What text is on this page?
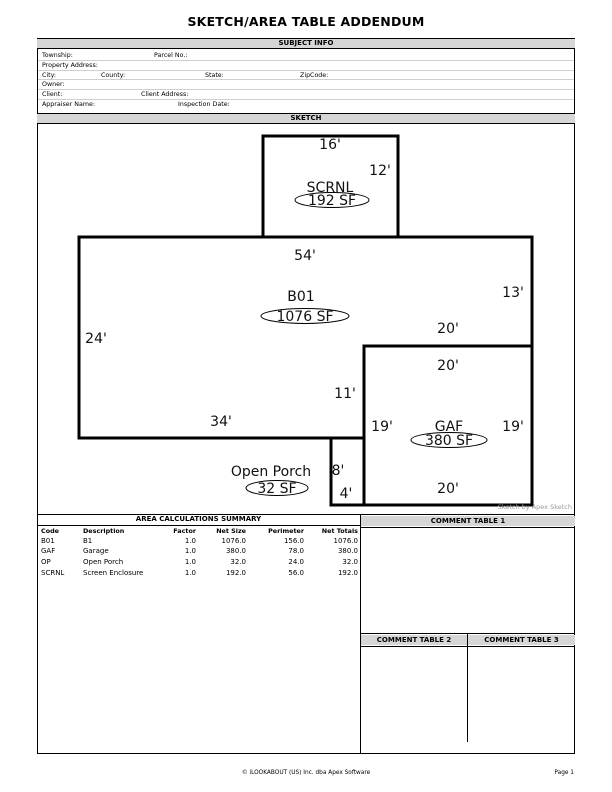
SKETCH/AREA TABLE ADDENDUM
SUBJECT INFO
Township:	Parcel No.:
Property Address:
City:	County:	State:	ZipCode:
Owner:
Client:	Client Address:
Appraiser Name:	Inspection Date:
SKETCH
16'
12'
SCRNL
192 SF
54'
13'
B01
1076 SF
24'
20'
11'
34'
20'
19'	19'
GAF
380 SF
20'
Open Porch
32 SF
8'
4'
Sketch by Apex Sketch
AREA CALCULATIONS SUMMARY
Code	Description	Factor	Net Size	Perimeter	Net Totals
B01	B1	1.0	1076.0	156.0	1076.0
GAF	Garage	1.0	380.0	78.0	380.0
OP	Open Porch	1.0	32.0	24.0	32.0
SCRNL	Screen Enclosure	1.0	192.0	56.0	192.0
COMMENT TABLE 1
COMMENT TABLE 2	COMMENT TABLE 3
© iLOOKABOUT (US) Inc. dba Apex Software	Page 1
